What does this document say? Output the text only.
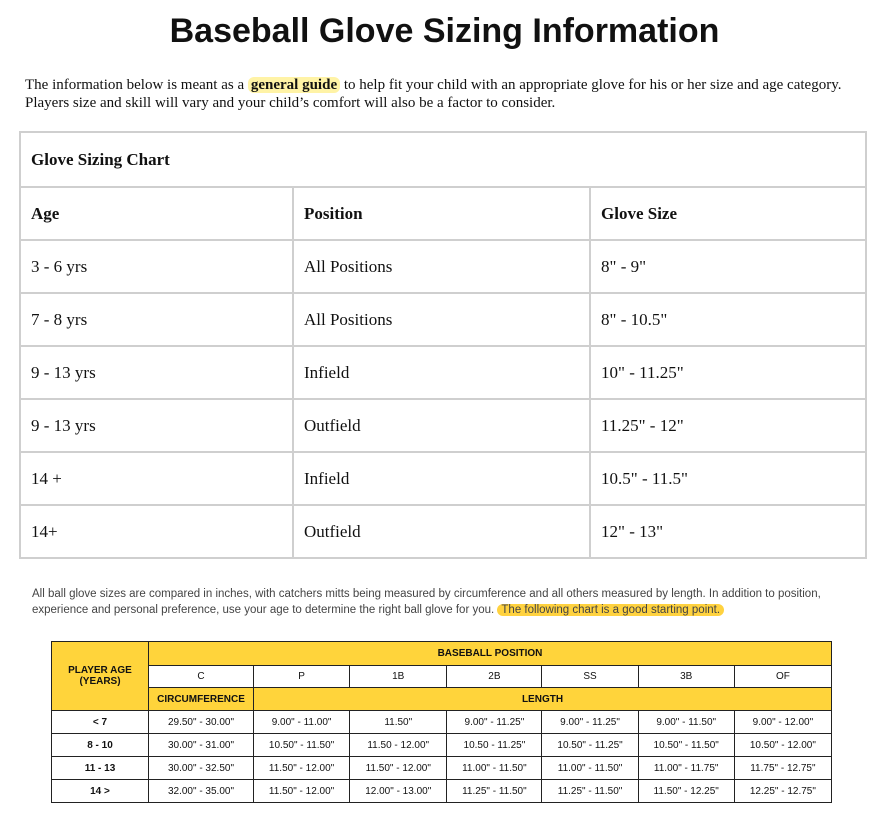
Baseball Glove Sizing Information

The information below is meant as a general guide to help fit your child with an appropriate glove for his or her size and age category. Players size and skill will vary and your child’s comfort will also be a factor to consider.

Glove Sizing Chart		
Age	Position	Glove Size
3 - 6 yrs	All Positions	8" - 9"
7 - 8 yrs	All Positions	8" - 10.5"
9 - 13 yrs	Infield	10" - 11.25"
9 - 13 yrs	Outfield	11.25" - 12"
14 +	Infield	10.5" - 11.5"
14+	Outfield	12" - 13"

All ball glove sizes are compared in inches, with catchers mitts being measured by circumference and all others measured by length. In addition to position, experience and personal preference, use your age to determine the right ball glove for you. The following chart is a good starting point.

PLAYER AGE (YEARS)	BASEBALL POSITION						
	C	P	1B	2B	SS	3B	OF
	CIRCUMFERENCE	LENGTH					
< 7	29.50" - 30.00"	9.00" - 11.00"	11.50"	9.00" - 11.25"	9.00" - 11.25"	9.00" - 11.50"	9.00" - 12.00"
8 - 10	30.00" - 31.00"	10.50" - 11.50"	11.50 - 12.00"	10.50 - 11.25"	10.50" - 11.25"	10.50" - 11.50"	10.50" - 12.00"
11 - 13	30.00" - 32.50"	11.50" - 12.00"	11.50" - 12.00"	11.00" - 11.50"	11.00" - 11.50"	11.00" - 11.75"	11.75" - 12.75"
14 >	32.00" - 35.00"	11.50" - 12.00"	12.00" - 13.00"	11.25" - 11.50"	11.25" - 11.50"	11.50" - 12.25"	12.25" - 12.75"
